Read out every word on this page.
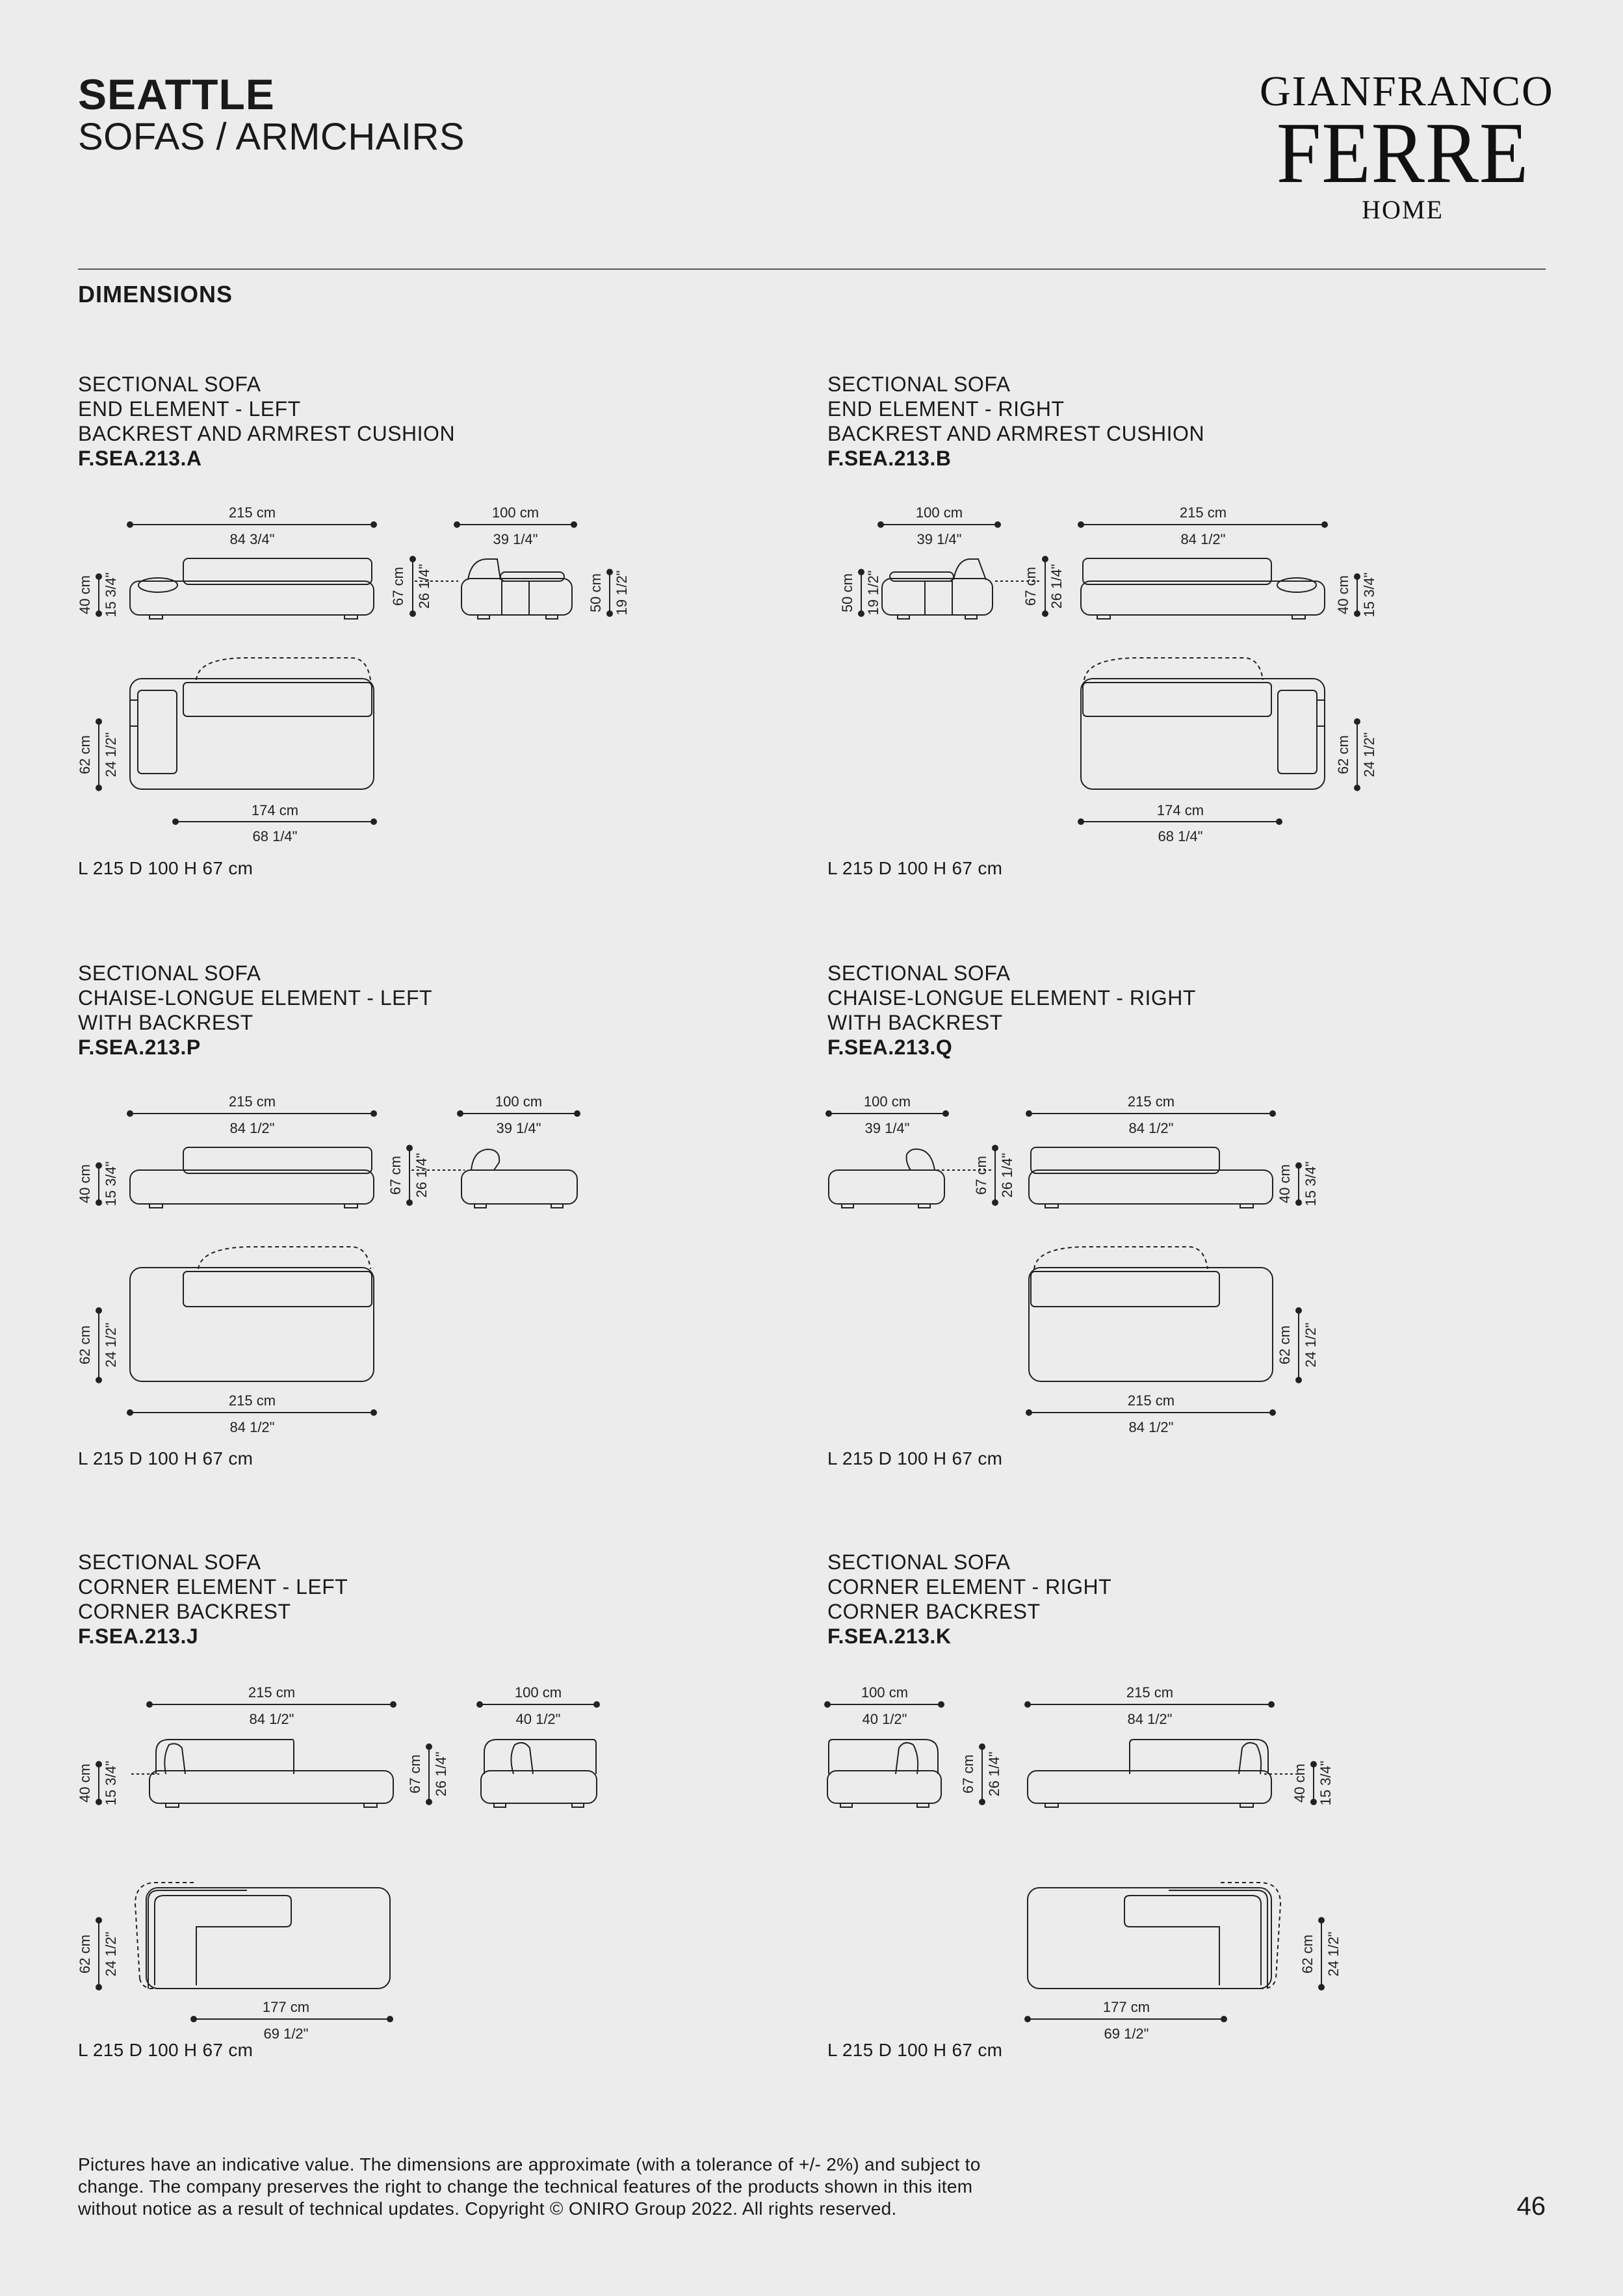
SEATTLE
SOFAS / ARMCHAIRS
GIANFRANCO
FERRE
HOME
DIMENSIONS
SECTIONAL SOFA
END ELEMENT - LEFT
BACKREST AND ARMREST CUSHION
F.SEA.213.A
215 cm
84 3/4"
100 cm
39 1/4"
40 cm 15 3/4"	67 cm 26 1/4"	50 cm 19 1/2"
62 cm 24 1/2"
174 cm
68 1/4"
L 215 D 100 H 67 cm
SECTIONAL SOFA
END ELEMENT - RIGHT
BACKREST AND ARMREST CUSHION
F.SEA.213.B
100 cm
39 1/4"
215 cm
84 1/2"
50 cm 19 1/2"	67 cm 26 1/4"	40 cm 15 3/4"
62 cm 24 1/2"
174 cm
68 1/4"
L 215 D 100 H 67 cm
SECTIONAL SOFA
CHAISE-LONGUE ELEMENT - LEFT
WITH BACKREST
F.SEA.213.P
215 cm
84 1/2"
100 cm
39 1/4"
40 cm 15 3/4"	67 cm 26 1/4"
62 cm 24 1/2"
215 cm
84 1/2"
L 215 D 100 H 67 cm
SECTIONAL SOFA
CHAISE-LONGUE ELEMENT - RIGHT
WITH BACKREST
F.SEA.213.Q
100 cm
39 1/4"
215 cm
84 1/2"
67 cm 26 1/4"	40 cm 15 3/4"
62 cm 24 1/2"
215 cm
84 1/2"
L 215 D 100 H 67 cm
SECTIONAL SOFA
CORNER ELEMENT - LEFT
CORNER BACKREST
F.SEA.213.J
215 cm
84 1/2"
100 cm
40 1/2"
40 cm 15 3/4"	67 cm 26 1/4"
62 cm 24 1/2"
177 cm
69 1/2"
L 215 D 100 H 67 cm
SECTIONAL SOFA
CORNER ELEMENT - RIGHT
CORNER BACKREST
F.SEA.213.K
100 cm
40 1/2"
215 cm
84 1/2"
67 cm 26 1/4"	40 cm 15 3/4"
62 cm 24 1/2"
177 cm
69 1/2"
L 215 D 100 H 67 cm
Pictures have an indicative value. The dimensions are approximate (with a tolerance of +/- 2%) and subject to
change. The company preserves the right to change the technical features of the products shown in this item
without notice as a result of technical updates. Copyright © ONIRO Group 2022. All rights reserved.	46
